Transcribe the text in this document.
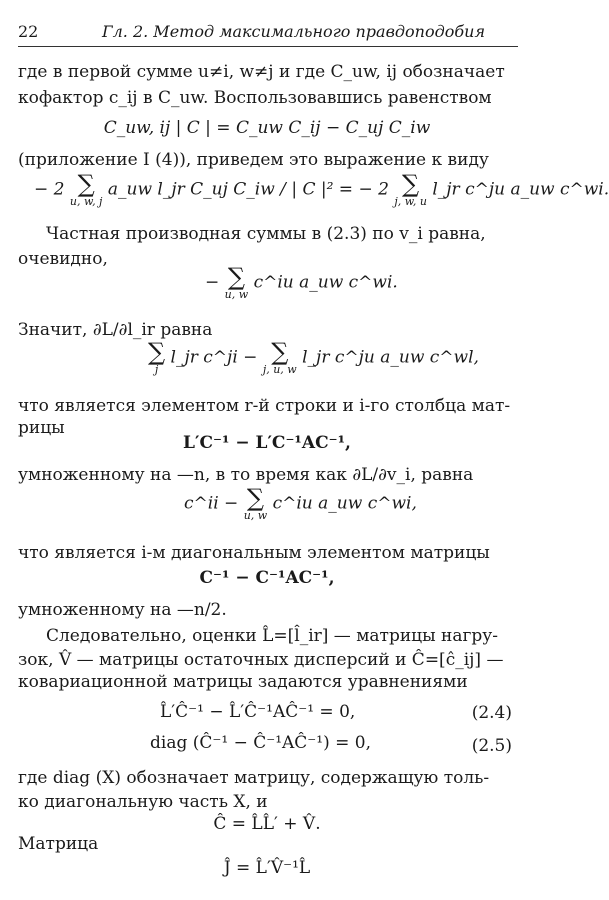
22	Гл. 2. Метод максимального правдоподобия
где в первой сумме u≠i, w≠j и где C_uw, ij обозначает
кофактор c_ij в C_uw. Воспользовавшись равенством
C_uw, ij | C | = C_uw C_ij − C_uj C_iw
(приложение I (4)), приведем это выражение к виду
− 2 ∑
u, w, j
a_uw l_jr C_uj C_iw / | C |² = − 2 ∑
j, w, u
l_jr c^ju a_uw c^wi.
Частная производная суммы в (2.3) по v_i равна,
очевидно,
− ∑
u, w
c^iu a_uw c^wi.
Значит, ∂L/∂l_ir равна
∑
j
l_jr c^ji − ∑
j, u, w
l_jr c^ju a_uw c^wl,
что является элементом r-й строки и i-го столбца мат-
рицы
L′C⁻¹ − L′C⁻¹AC⁻¹,
умноженному на —n, в то время как ∂L/∂v_i, равна
c^ii − ∑
u, w
c^iu a_uw c^wi,
что является i-м диагональным элементом матрицы
C⁻¹ − C⁻¹AC⁻¹,
умноженному на —n/2.
Следовательно, оценки L̂=[l̂_ir] — матрицы нагру-
зок, V̂ — матрицы остаточных дисперсий и Ĉ=[ĉ_ij] —
ковариационной матрицы задаются уравнениями
L̂′Ĉ⁻¹ − L̂′Ĉ⁻¹AĈ⁻¹ = 0,	(2.4)
diag (Ĉ⁻¹ − Ĉ⁻¹AĈ⁻¹) = 0,	(2.5)
где diag (X) обозначает матрицу, содержащую толь-
ко диагональную часть X, и
Ĉ = L̂L̂′ + V̂.
Матрица
Ĵ = L̂′V̂⁻¹L̂
